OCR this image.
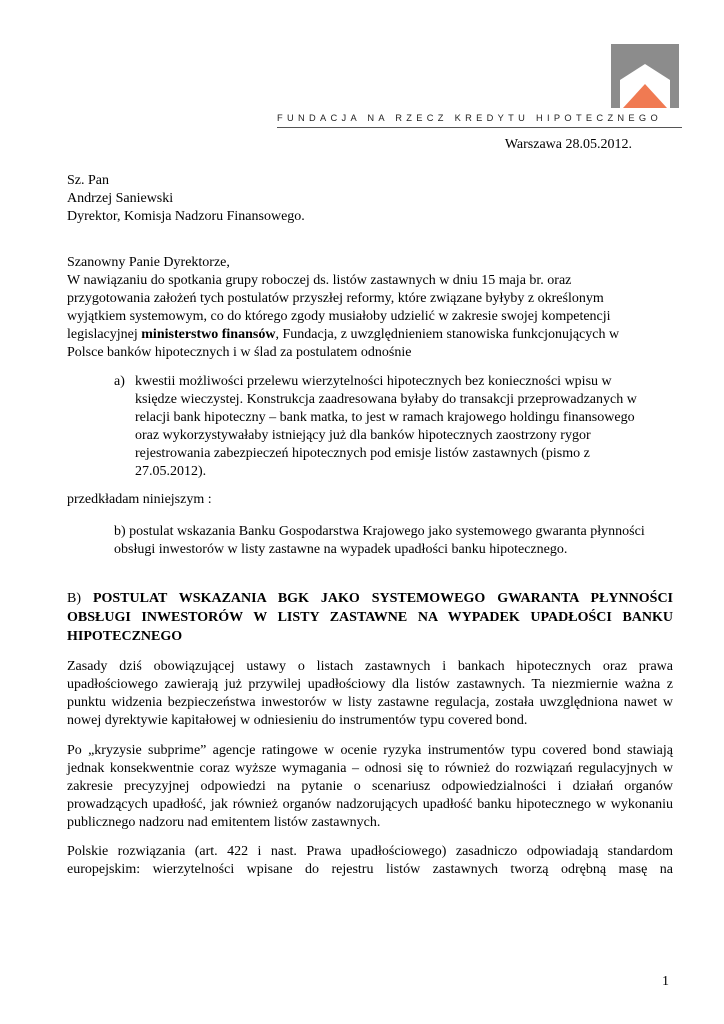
FUNDACJA NA RZECZ KREDYTU HIPOTECZNEGO
Warszawa 28.05.2012.
Sz. Pan
Andrzej Saniewski
Dyrektor, Komisja Nadzoru Finansowego.
Szanowny Panie Dyrektorze,

W nawiązaniu do spotkania grupy roboczej ds. listów zastawnych w dniu 15 maja br. oraz przygotowania założeń tych postulatów przyszłej reformy, które związane byłyby z określonym wyjątkiem systemowym, co do którego zgody musiałoby udzielić w zakresie swojej kompetencji legislacyjnej ministerstwo finansów, Fundacja, z uwzględnieniem stanowiska funkcjonujących w Polsce banków hipotecznych i w ślad za postulatem odnośnie

a) kwestii możliwości przelewu wierzytelności hipotecznych bez konieczności wpisu w księdze wieczystej. Konstrukcja zaadresowana byłaby do transakcji przeprowadzanych w relacji bank hipoteczny – bank matka, to jest w ramach krajowego holdingu finansowego oraz wykorzystywałaby istniejący już dla banków hipotecznych zaostrzony rygor rejestrowania zabezpieczeń hipotecznych pod emisje listów zastawnych (pismo z 27.05.2012).
przedkładam niniejszym :
b) postulat wskazania Banku Gospodarstwa Krajowego jako systemowego gwaranta płynności obsługi inwestorów w listy zastawne na wypadek upadłości banku hipotecznego.

B) POSTULAT WSKAZANIA BGK JAKO SYSTEMOWEGO GWARANTA PŁYNNOŚCI OBSŁUGI INWESTORÓW W LISTY ZASTAWNE NA WYPADEK UPADŁOŚCI BANKU HIPOTECZNEGO

Zasady dziś obowiązującej ustawy o listach zastawnych i bankach hipotecznych oraz prawa upadłościowego zawierają już przywilej upadłościowy dla listów zastawnych. Ta niezmiernie ważna z punktu widzenia bezpieczeństwa inwestorów w listy zastawne regulacja, została uwzględniona nawet w nowej dyrektywie kapitałowej w odniesieniu do instrumentów typu covered bond.

Po „kryzysie subprime” agencje ratingowe w ocenie ryzyka instrumentów typu covered bond stawiają jednak konsekwentnie coraz wyższe wymagania – odnosi się to również do rozwiązań regulacyjnych w zakresie precyzyjnej odpowiedzi na pytanie o scenariusz odpowiedzialności i działań organów prowadzących upadłość, jak również organów nadzorujących upadłość banku hipotecznego w wykonaniu publicznego nadzoru nad emitentem listów zastawnych.

Polskie rozwiązania (art. 422 i nast. Prawa upadłościowego) zasadniczo odpowiadają standardom europejskim: wierzytelności wpisane do rejestru listów zastawnych tworzą odrębną masę na

1
